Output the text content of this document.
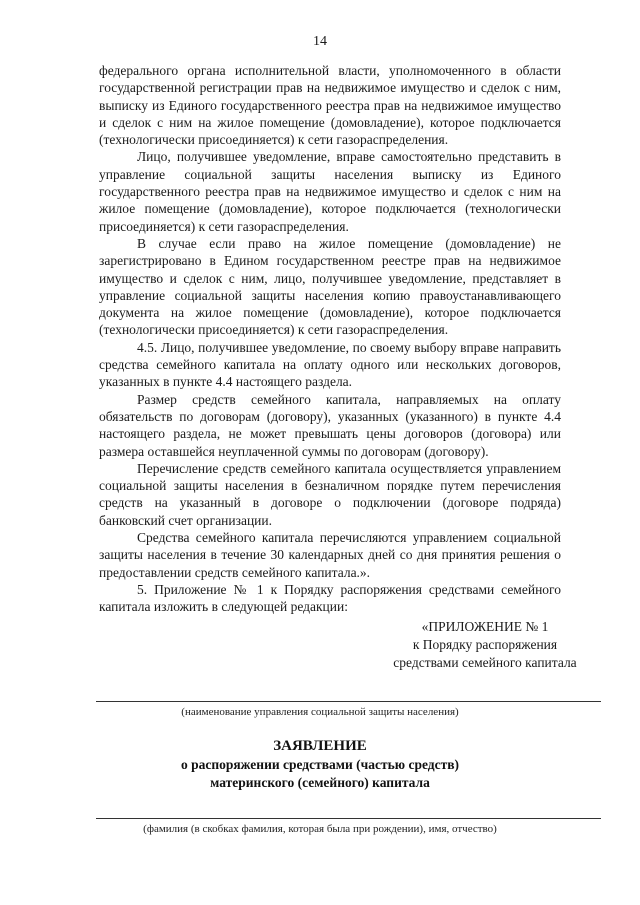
14

федерального органа исполнительной власти, уполномоченного в области государственной регистрации прав на недвижимое имущество и сделок с ним, выписку из Единого государственного реестра прав на недвижимое имущество и сделок с ним на жилое помещение (домовладение), которое подключается (технологически присоединяется) к сети газораспределения.

Лицо, получившее уведомление, вправе самостоятельно представить в управление социальной защиты населения выписку из Единого государственного реестра прав на недвижимое имущество и сделок с ним на жилое помещение (домовладение), которое подключается (технологически присоединяется) к сети газораспределения.

В случае если право на жилое помещение (домовладение) не зарегистрировано в Едином государственном реестре прав на недвижимое имущество и сделок с ним, лицо, получившее уведомление, представляет в управление социальной защиты населения копию правоустанавливающего документа на жилое помещение (домовладение), которое подключается (технологически присоединяется) к сети газораспределения.

4.5. Лицо, получившее уведомление, по своему выбору вправе направить средства семейного капитала на оплату одного или нескольких договоров, указанных в пункте 4.4 настоящего раздела.

Размер средств семейного капитала, направляемых на оплату обязательств по договорам (договору), указанных (указанного) в пункте 4.4 настоящего раздела, не может превышать цены договоров (договора) или размера оставшейся неуплаченной суммы по договорам (договору).

Перечисление средств семейного капитала осуществляется управлением социальной защиты населения в безналичном порядке путем перечисления средств на указанный в договоре о подключении (договоре подряда) банковский счет организации.

Средства семейного капитала перечисляются управлением социальной защиты населения в течение 30 календарных дней со дня принятия решения о предоставлении средств семейного капитала.».

5. Приложение № 1 к Порядку распоряжения средствами семейного капитала изложить в следующей редакции:

«ПРИЛОЖЕНИЕ № 1
к Порядку распоряжения
средствами семейного капитала
(наименование управления социальной защиты населения)
ЗАЯВЛЕНИЕ
о распоряжении средствами (частью средств)
материнского (семейного) капитала
(фамилия (в скобках фамилия, которая была при рождении), имя, отчество)
